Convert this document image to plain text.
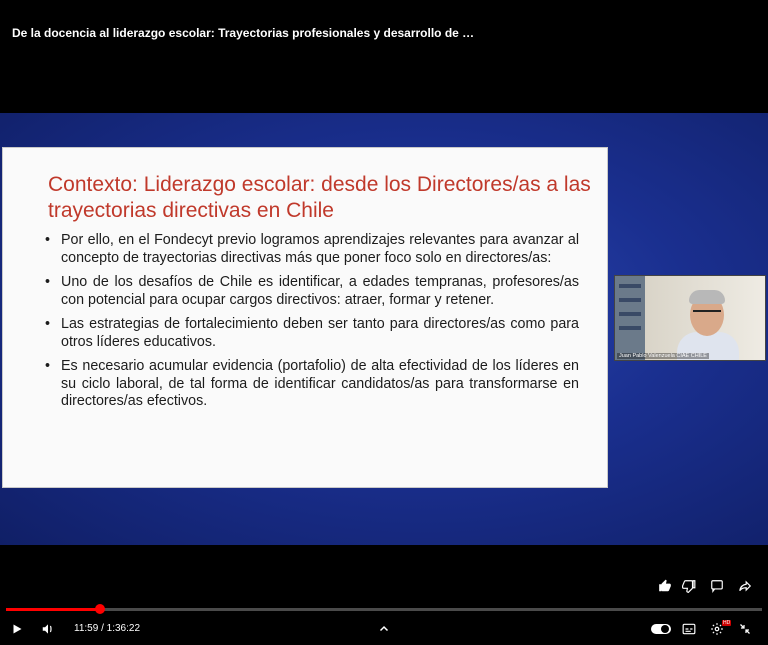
De la docencia al liderazgo escolar: Trayectorias profesionales y desarrollo de …
Contexto: Liderazgo escolar: desde los Directores/as a las trayectorias directivas en Chile
• Por ello, en el Fondecyt previo logramos aprendizajes relevantes para avanzar al concepto de trayectorias directivas más que poner foco solo en directores/as:
• Uno de los desafíos de Chile es identificar, a edades tempranas, profesores/as con potencial para ocupar cargos directivos: atraer, formar y retener.
• Las estrategias de fortalecimiento deben ser tanto para directores/as como para otros líderes educativos.
• Es necesario acumular evidencia (portafolio) de alta efectividad de los líderes en su ciclo laboral, de tal forma de identificar candidatos/as para transformarse en directores/as efectivos.
Juan Pablo Valenzuela CIAE CHILE
11:59 / 1:36:22	HD
